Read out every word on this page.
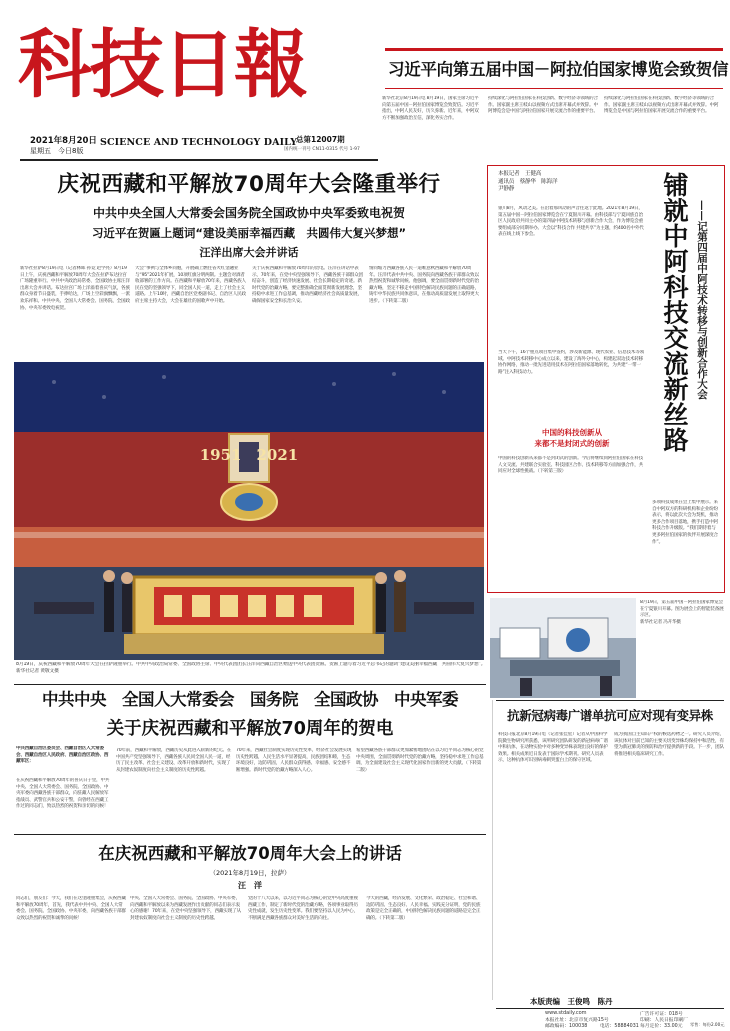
科技日報	习近平向第五届中国－阿拉伯国家博览会致贺信
2021年8月20日
星期五　今日8版
SCIENCE AND TECHNOLOGY DAILY
总第12007期
国内统一刊号 CN11-0315 代号 1-97
新华社北京8月19日电 8月19日，国家主席习近平向第五届中国－阿拉伯国家博览会致贺信。习近平指出，中阿人民友好，历久弥新。近年来，中阿双方不断加强政治互信，深化务实合作。
持续深化与阿拉伯国家在科技创新、数字经济等领域的合作。国家副主席王岐山以视频方式出席开幕式并致辞。中阿博览会是中国与阿拉伯国家开展交流合作的重要平台。
持续深化与阿拉伯国家在科技创新、数字经济等领域的合作。国家副主席王岐山以视频方式出席开幕式并致辞。中阿博览会是中国与阿拉伯国家开展交流合作的重要平台。
庆祝西藏和平解放70周年大会隆重举行
中共中央全国人大常委会国务院全国政协中央军委致电祝贺
习近平在贺匾上题词“建设美丽幸福西藏　共圆伟大复兴梦想”
汪洋出席大会并讲话
新华社拉萨8月19日电（记者林晖 孙竞 赵学亮）8月19日上午，庆祝西藏和平解放70周年大会在拉萨布达拉宫广场隆重举行。中共中央政治局常委、全国政协主席汪洋出席大会并讲话。布达拉宫广场上洋溢着喜庆气氛，各族群众身着节日盛装，手捧哈达，广场上空彩旗飘飘，一派欢乐祥和。中共中央、全国人大常委会、国务院、全国政协、中央军委致电祝贺。
大会”事例与全体乡同胞，开展确上燃往省火红金融业与“95”2021年扩展，10项红旗分明两制。主题会对酒者收部署的工作方向。在西藏和平解放70年来，西藏各族人民在党的坚强领导下，同全国人民一道，走上了社会主义道路。上午10时，西藏自治区党委副书记、自治区人民政府主席主持大会，大会在雄壮的国歌声中开始。
关于庆祝西藏和平解放70周年的贺电。汪洋在讲话中表示，70年来，在党中央坚强领导下，西藏各族干部群众团结奋斗，创造了经济快速发展、社会长期稳定的奇迹。新时代党的治藏方略，要完整准确全面贯彻新发展理念，坚持稳中求进工作总基调，推动西藏经济社会高质量发展，确保国家安全和长治久安。
情同缩力西藏各族人民一道唯意秋西藏和平解放70周年。汪洋代表中共中央、国务院向西藏各族干部群众致以热烈祝贺和诚挚问候。他强调，要全面贯彻新时代党的治藏方略，坚定不移走中国特色解决民族问题的正确道路，铸牢中华民族共同体意识，在推动高质量发展上取得更大进步。（下转第二版）
1951　2021
8月19日，庆祝西藏和平解放70周年大会在拉萨隆重举行。中共中央政治局常委、全国政协主席、中央代表团团长汪洋向西藏自治区赠送中央代表团贺匾。贺匾上题写着习近平总书记的题词“建设美丽幸福西藏　共圆伟大复兴梦想”。新华社记者 黄敬文摄
本报记者　王健高
通讯员　蔡静华　陈海洋
尹静静	铺就中阿科技交流新丝路 ——记第四届中阿技术转移与创新合作大会
银川8月，风动之美。在沿着那风动的声音往返于此地。2021年8月19日，第五届中国－阿拉伯国家博览会在宁夏银川开幕。由科技部与宁夏回族自治区人民政府共同主办的第四届中阿技术转移与创新合作大会，作为博览会重要组成部分同期举办。大会以“科技合作 共建共享”为主题，约400名中外代表在线上线下参会。
当天下午，16个重点项目集中签约，涉及新能源、现代农业、信息技术等领域。中阿技术转移中心成立以来，建设了海外分中心，构建起双边技术转移协作网络，推动一批先进适用技术在阿拉伯国家落地转化，为共建“一带一路”注入科技动力。
中国的科技创新从
来都不是封闭式的创新
中国的科技创新从来都不是封闭式的创新。今后将继续同阿拉伯国家在科技人文交流、共建联合实验室、科技园区合作、技术转移等方面加强合作，共同应对全球性挑战。（下转第三版）
多项科技成果在会上集中展示。来自中阿双方的科研机构和企业纷纷表示，将以此次大会为契机，推动更多合作项目落地，携手打造中阿科技合作升级版。“我们期待着与更多阿拉伯国家的伙伴开展深度合作”。
8月19日，第五届中国－阿拉伯国家博览会在宁夏银川开幕。图为展会上的智能装备展示区。
新华社记者 冯开华摄
中共中央　全国人大常委会　国务院　全国政协　中央军委
关于庆祝西藏和平解放70周年的贺电
中共西藏自治区委员会、西藏自治区人大常委会、西藏自治区人民政府、西藏自治区政协、西藏军区：
在庆祝西藏和平解放70周年的喜庆日子里，中共中央、全国人大常委会、国务院、全国政协、中央军委向西藏各族干部群众，向驻藏人民解放军指战员、武警官兵和公安干警，向曾经在西藏工作过的同志们，致以热烈的祝贺和亲切的问候！
70年前，西藏和平解放，西藏历史从此进入崭新的纪元。在中国共产党坚强领导下，西藏各族人民同全国人民一道，经历了民主改革、社会主义建设、改革开放和新时代，实现了从封建农奴制度向社会主义制度的历史性跨越。
70年来，西藏社会制度实现历史性变革，经济社会发展实现历史性跨越，人民生活水平显著提高，民族团结和睦，生态环境良好，边防巩固，人民群众获得感、幸福感、安全感不断增强。新时代党的治藏方略深入人心。
希望西藏各族干部群众更加紧密地团结在以习近平同志为核心的党中央周围，全面贯彻新时代党的治藏方略，坚持稳中求进工作总基调，为全面建设社会主义现代化国家作出新的更大贡献。（下转第二版）
在庆祝西藏和平解放70周年大会上的讲话
（2021年8月19日，拉萨）
汪　洋
同志们，朋友们：今天，我们在这里隆重集会，庆祝西藏和平解放70周年，首先，我代表中共中央、全国人大常委会、国务院、全国政协、中央军委，向西藏各族干部群众致以热烈的祝贺和诚挚的问候！
中央、全国人大常委会、国务院、全国政协、中央军委，向西藏和平解放以来为西藏发展作出贡献的同志们表示衷心的感谢！70年来，在党中央坚强领导下，西藏实现了从封建农奴制度向社会主义制度的历史性跨越。
党的十八大以来，以习近平同志为核心的党中央高度重视西藏工作，制定了新时代党的治藏方略，各项事业取得历史性成就，发生历史性变革。我们要坚持以人民为中心，不断满足西藏各族群众对美好生活的向往。
今天的西藏，经济发展、文化繁荣、政治稳定、社会和谐、边防巩固、生态良好、人民幸福。实践充分证明，党的民族政策是完全正确的，中国特色解决民族问题的道路是完全正确的。（下转第二版）
抗新冠病毒广谱单抗可应对现有变异株
科技日报北京8月19日电（记者张佳星）记者从中国科学院微生物研究所获悉，该所研究团队研发的新冠病毒广谱中和抗体，在动物实验中对多种变异株表现出良好的保护效果。相关成果近日发表于国际学术期刊。研究人员表示，这种抗体可识别病毒刺突蛋白上的保守区域。
成为我国自主知识产权的候选药物之一。研究人员介绍，该抗体对目前已知的主要关切变异株均保持中和活性，有望为新冠肺炎的预防和治疗提供新的手段。下一步，团队将推进相关临床研究工作。
本版责编　王俊鸣　陈丹
www.stdaily.com
本报社址：北京市复兴路15号
邮政编码：100038	电话：58884031
广告许可证：018号
印刷：人民日报印刷厂
每月定价：33.00元 零售：每份2.00元
